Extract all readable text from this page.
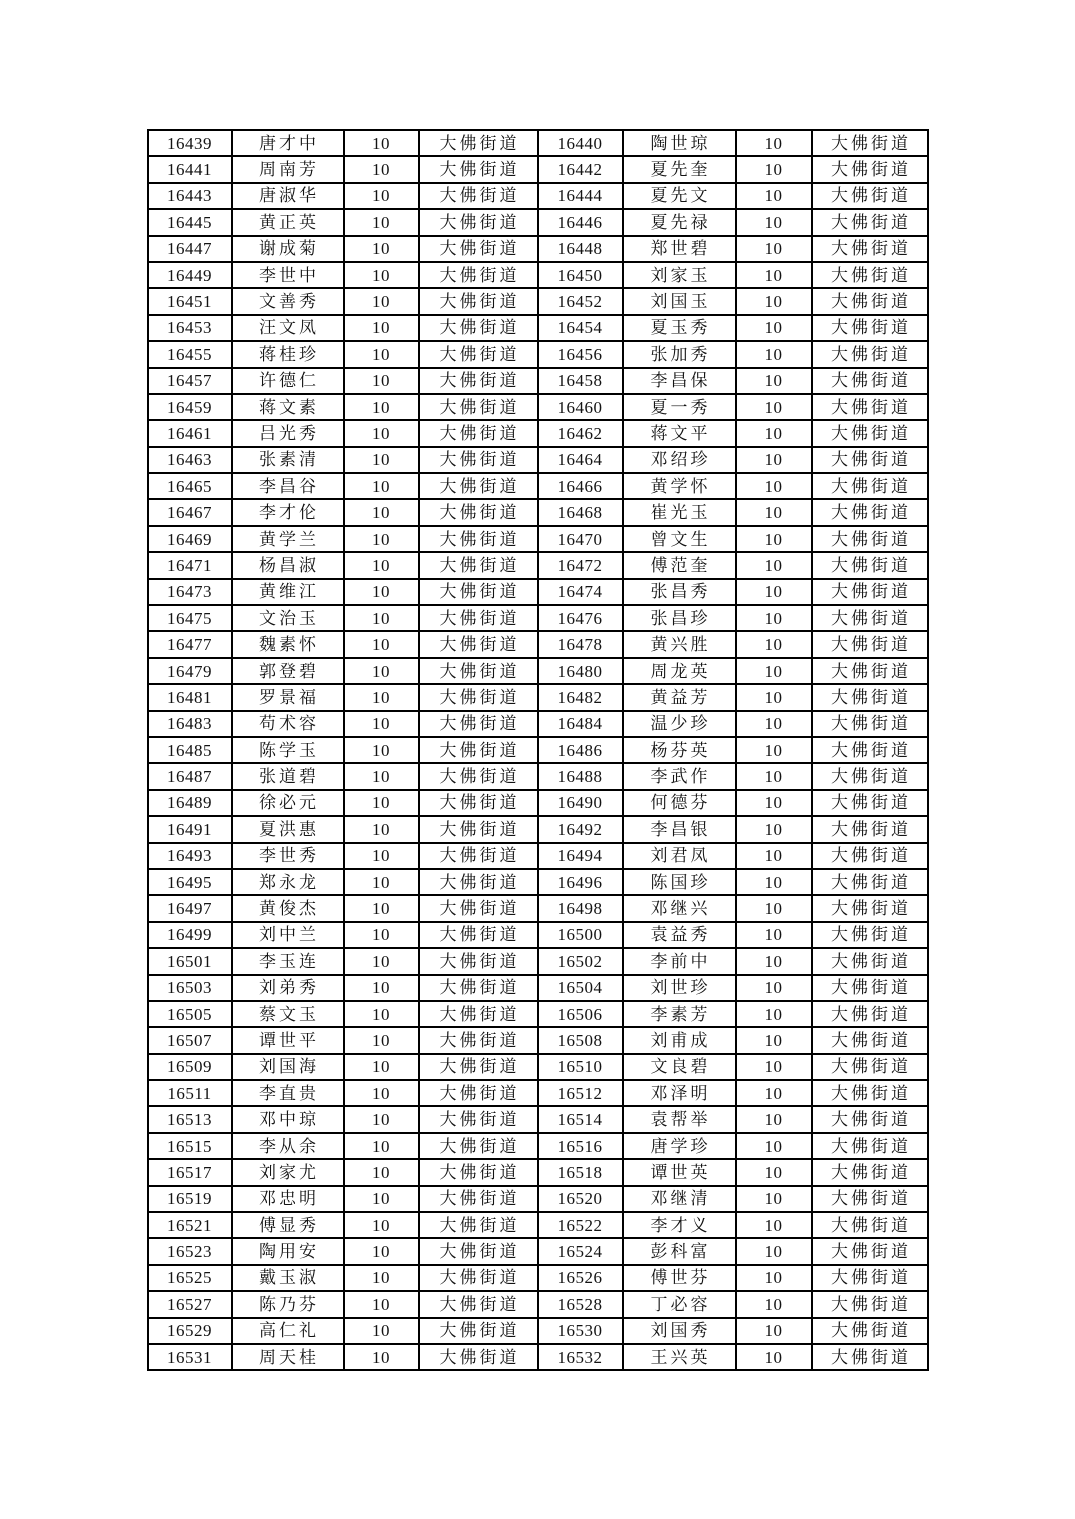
16439	唐才中	10	大佛街道	16440	陶世琼	10	大佛街道
16441	周南芳	10	大佛街道	16442	夏先奎	10	大佛街道
16443	唐淑华	10	大佛街道	16444	夏先文	10	大佛街道
16445	黄正英	10	大佛街道	16446	夏先禄	10	大佛街道
16447	谢成菊	10	大佛街道	16448	郑世碧	10	大佛街道
16449	李世中	10	大佛街道	16450	刘家玉	10	大佛街道
16451	文善秀	10	大佛街道	16452	刘国玉	10	大佛街道
16453	汪文凤	10	大佛街道	16454	夏玉秀	10	大佛街道
16455	蒋桂珍	10	大佛街道	16456	张加秀	10	大佛街道
16457	许德仁	10	大佛街道	16458	李昌保	10	大佛街道
16459	蒋文素	10	大佛街道	16460	夏一秀	10	大佛街道
16461	吕光秀	10	大佛街道	16462	蒋文平	10	大佛街道
16463	张素清	10	大佛街道	16464	邓绍珍	10	大佛街道
16465	李昌谷	10	大佛街道	16466	黄学怀	10	大佛街道
16467	李才伦	10	大佛街道	16468	崔光玉	10	大佛街道
16469	黄学兰	10	大佛街道	16470	曾文生	10	大佛街道
16471	杨昌淑	10	大佛街道	16472	傅范奎	10	大佛街道
16473	黄维江	10	大佛街道	16474	张昌秀	10	大佛街道
16475	文治玉	10	大佛街道	16476	张昌珍	10	大佛街道
16477	魏素怀	10	大佛街道	16478	黄兴胜	10	大佛街道
16479	郭登碧	10	大佛街道	16480	周龙英	10	大佛街道
16481	罗景福	10	大佛街道	16482	黄益芳	10	大佛街道
16483	苟术容	10	大佛街道	16484	温少珍	10	大佛街道
16485	陈学玉	10	大佛街道	16486	杨芬英	10	大佛街道
16487	张道碧	10	大佛街道	16488	李武作	10	大佛街道
16489	徐必元	10	大佛街道	16490	何德芬	10	大佛街道
16491	夏洪惠	10	大佛街道	16492	李昌银	10	大佛街道
16493	李世秀	10	大佛街道	16494	刘君凤	10	大佛街道
16495	郑永龙	10	大佛街道	16496	陈国珍	10	大佛街道
16497	黄俊杰	10	大佛街道	16498	邓继兴	10	大佛街道
16499	刘中兰	10	大佛街道	16500	袁益秀	10	大佛街道
16501	李玉连	10	大佛街道	16502	李前中	10	大佛街道
16503	刘弟秀	10	大佛街道	16504	刘世珍	10	大佛街道
16505	蔡文玉	10	大佛街道	16506	李素芳	10	大佛街道
16507	谭世平	10	大佛街道	16508	刘甫成	10	大佛街道
16509	刘国海	10	大佛街道	16510	文良碧	10	大佛街道
16511	李直贵	10	大佛街道	16512	邓泽明	10	大佛街道
16513	邓中琼	10	大佛街道	16514	袁帮举	10	大佛街道
16515	李从余	10	大佛街道	16516	唐学珍	10	大佛街道
16517	刘家尤	10	大佛街道	16518	谭世英	10	大佛街道
16519	邓忠明	10	大佛街道	16520	邓继清	10	大佛街道
16521	傅显秀	10	大佛街道	16522	李才义	10	大佛街道
16523	陶用安	10	大佛街道	16524	彭科富	10	大佛街道
16525	戴玉淑	10	大佛街道	16526	傅世芬	10	大佛街道
16527	陈乃芬	10	大佛街道	16528	丁必容	10	大佛街道
16529	高仁礼	10	大佛街道	16530	刘国秀	10	大佛街道
16531	周天桂	10	大佛街道	16532	王兴英	10	大佛街道
